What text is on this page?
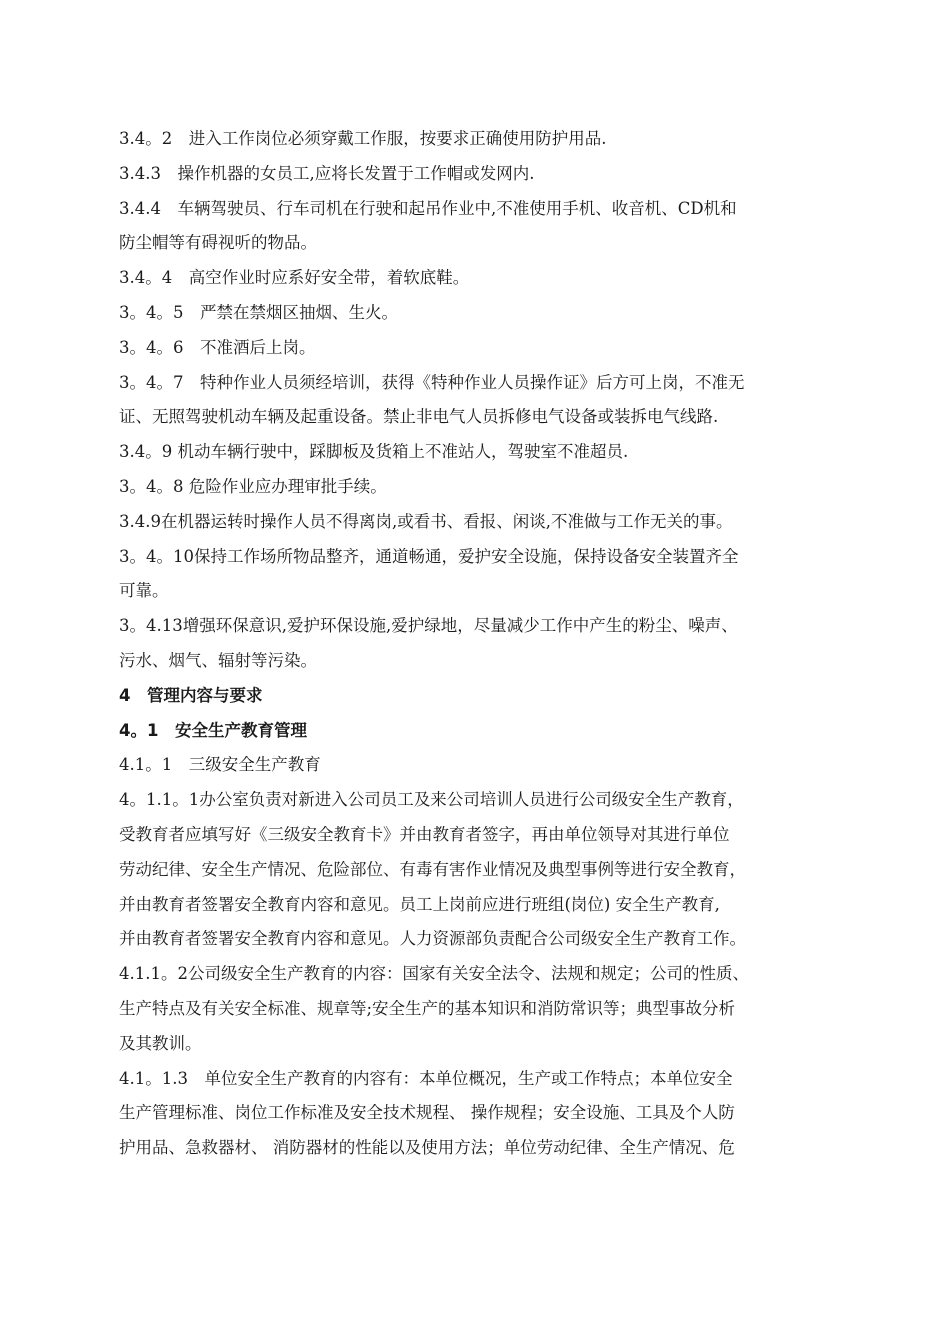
3.4。2　进入工作岗位必须穿戴工作服，按要求正确使用防护用品.
3.4.3　操作机器的女员工,应将长发置于工作帽或发网内.
3.4.4　车辆驾驶员、行车司机在行驶和起吊作业中,不准使用手机、收音机、CD机和
防尘帽等有碍视听的物品。
3.4。4　高空作业时应系好安全带，着软底鞋。
3。4。5　严禁在禁烟区抽烟、生火。
3。4。6　不准酒后上岗。
3。4。7　特种作业人员须经培训，获得《特种作业人员操作证》后方可上岗，不准无
证、无照驾驶机动车辆及起重设备。禁止非电气人员拆修电气设备或装拆电气线路.
3.4。9 机动车辆行驶中，踩脚板及货箱上不准站人，驾驶室不准超员.
3。4。8 危险作业应办理审批手续。
3.4.9在机器运转时操作人员不得离岗,或看书、看报、闲谈,不准做与工作无关的事。
3。4。10保持工作场所物品整齐，通道畅通，爱护安全设施，保持设备安全装置齐全
可靠。
3。4.13增强环保意识,爱护环保设施,爱护绿地，尽量减少工作中产生的粉尘、噪声、
污水、烟气、辐射等污染。
4　管理内容与要求
4。1　安全生产教育管理
4.1。1　三级安全生产教育
4。1.1。1办公室负责对新进入公司员工及来公司培训人员进行公司级安全生产教育，
受教育者应填写好《三级安全教育卡》并由教育者签字，再由单位领导对其进行单位
劳动纪律、安全生产情况、危险部位、有毒有害作业情况及典型事例等进行安全教育，
并由教育者签署安全教育内容和意见。员工上岗前应进行班组(岗位) 安全生产教育,
并由教育者签署安全教育内容和意见。人力资源部负责配合公司级安全生产教育工作。
4.1.1。2公司级安全生产教育的内容：国家有关安全法令、法规和规定；公司的性质、
生产特点及有关安全标准、规章等;安全生产的基本知识和消防常识等；典型事故分析
及其教训。
4.1。1.3　单位安全生产教育的内容有：本单位概况，生产或工作特点；本单位安全
生产管理标准、岗位工作标准及安全技术规程、 操作规程；安全设施、工具及个人防
护用品、急救器材、 消防器材的性能以及使用方法；单位劳动纪律、全生产情况、危
